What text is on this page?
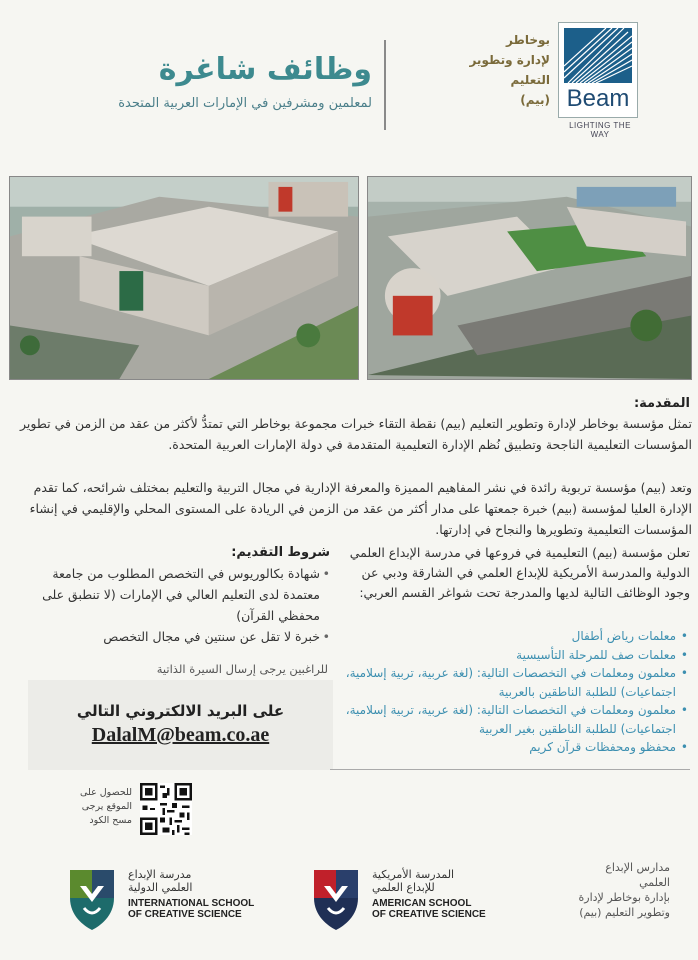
Beam
LIGHTING THE WAY
بوخاطر
لإدارة وتطوير
التعليم
(بيم)
وظائف شاغرة
لمعلمين ومشرفين في الإمارات العربية المتحدة
المقدمة:
تمثل مؤسسة بوخاطر لإدارة وتطوير التعليم (بيم) نقطة التقاء خبرات مجموعة بوخاطر التي تمتدُّ لأكثر من عقد من الزمن في تطوير المؤسسات التعليمية الناجحة وتطبيق نُظم الإدارة التعليمية المتقدمة في دولة الإمارات العربية المتحدة.
وتعد (بيم) مؤسسة تربوية رائدة في نشر المفاهيم المميزة والمعرفة الإدارية في مجال التربية والتعليم بمختلف شرائحه، كما تقدم الإدارة العليا لمؤسسة (بيم) خبرة جمعتها على مدار أكثر من عقد من الزمن في الريادة على المستوى المحلي والإقليمي في إنشاء المؤسسات التعليمية وتطويرها والنجاح في إدارتها.
شروط التقديم:
• شهادة بكالوريوس في التخصص المطلوب من جامعة معتمدة لدى التعليم العالي في الإمارات (لا تنطبق على محفظي القرآن)
• خبرة لا تقل عن سنتين في مجال التخصص
للراغبين يرجى إرسال السيرة الذاتية
على البريد الالكتروني التالي
DalalM@beam.co.ae
تعلن مؤسسة (بيم) التعليمية في فروعها في مدرسة الإبداع العلمي الدولية والمدرسة الأمريكية للإبداع العلمي في الشارقة ودبي عن وجود الوظائف التالية لديها والمدرجة تحت شواغر القسم العربي:
• معلمات رياض أطفال
• معلمات صف للمرحلة التأسيسية
• معلمون ومعلمات في التخصصات التالية: (لغة عربية، تربية إسلامية، اجتماعيات) للطلبة الناطقين بالعربية
• معلمون ومعلمات في التخصصات التالية: (لغة عربية، تربية إسلامية، اجتماعيات) للطلبة الناطقين بغير العربية
• محفظو ومحفظات قرآن كريم
للحصول على
الموقع يرجى
مسح الكود
مدرسة الإبداع
العلمي الدولية
INTERNATIONAL SCHOOL
OF CREATIVE SCIENCE
المدرسة الأمريكية
للإبداع العلمي
AMERICAN SCHOOL
OF CREATIVE SCIENCE
مدارس الإبداع
العلمي
بإدارة بوخاطر لإدارة
وتطوير التعليم (بيم)
